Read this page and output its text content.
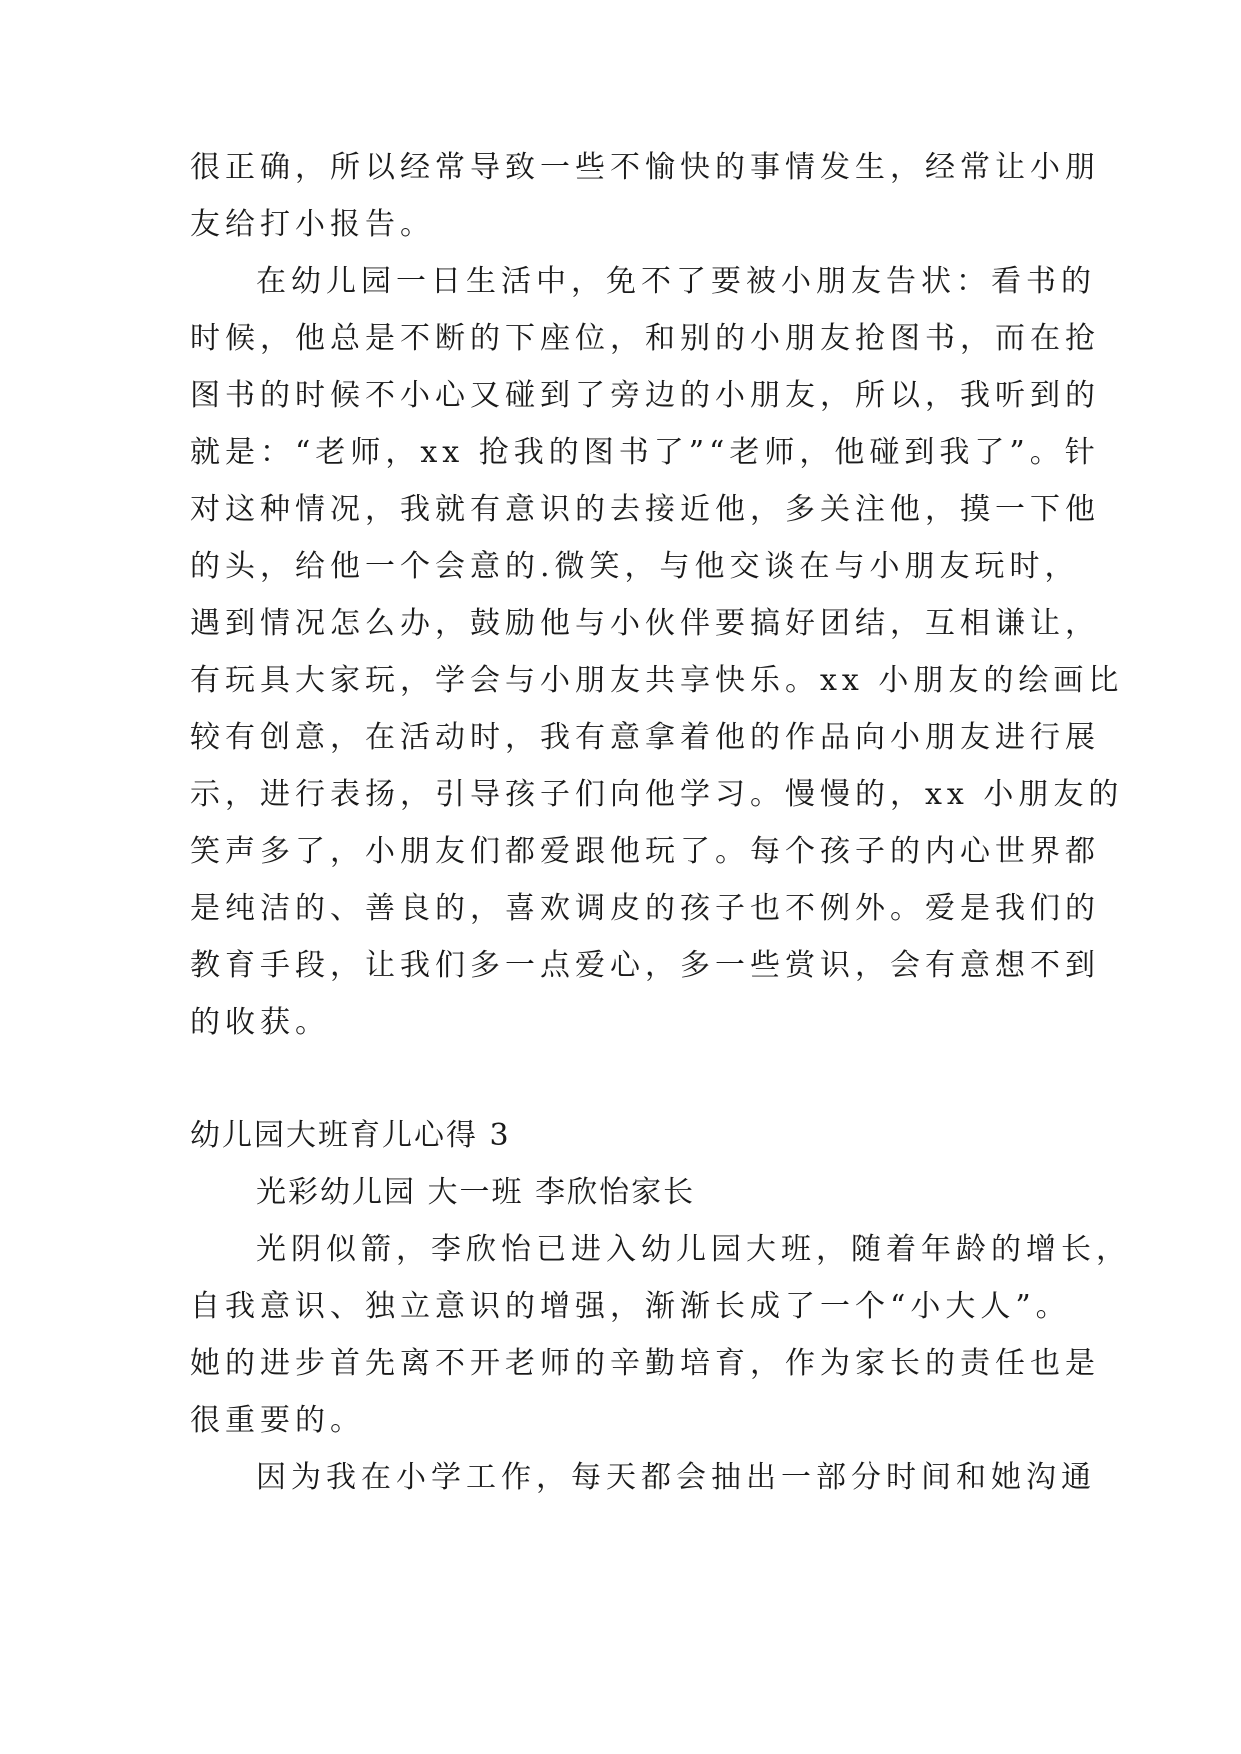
很正确，所以经常导致一些不愉快的事情发生，经常让小朋
友给打小报告。
在幼儿园一日生活中，免不了要被小朋友告状：看书的
时候，他总是不断的下座位，和别的小朋友抢图书，而在抢
图书的时候不小心又碰到了旁边的小朋友，所以，我听到的
就是：“老师，xx 抢我的图书了”“老师，他碰到我了”。针
对这种情况，我就有意识的去接近他，多关注他，摸一下他
的头，给他一个会意的.微笑，与他交谈在与小朋友玩时，
遇到情况怎么办，鼓励他与小伙伴要搞好团结，互相谦让，
有玩具大家玩，学会与小朋友共享快乐。xx 小朋友的绘画比
较有创意，在活动时，我有意拿着他的作品向小朋友进行展
示，进行表扬，引导孩子们向他学习。慢慢的，xx 小朋友的
笑声多了，小朋友们都爱跟他玩了。每个孩子的内心世界都
是纯洁的、善良的，喜欢调皮的孩子也不例外。爱是我们的
教育手段，让我们多一点爱心，多一些赏识，会有意想不到
的收获。
幼儿园大班育儿心得 3
光彩幼儿园 大一班 李欣怡家长
光阴似箭，李欣怡已进入幼儿园大班，随着年龄的增长，
自我意识、独立意识的增强，渐渐长成了一个“小大人”。
她的进步首先离不开老师的辛勤培育，作为家长的责任也是
很重要的。
因为我在小学工作，每天都会抽出一部分时间和她沟通
